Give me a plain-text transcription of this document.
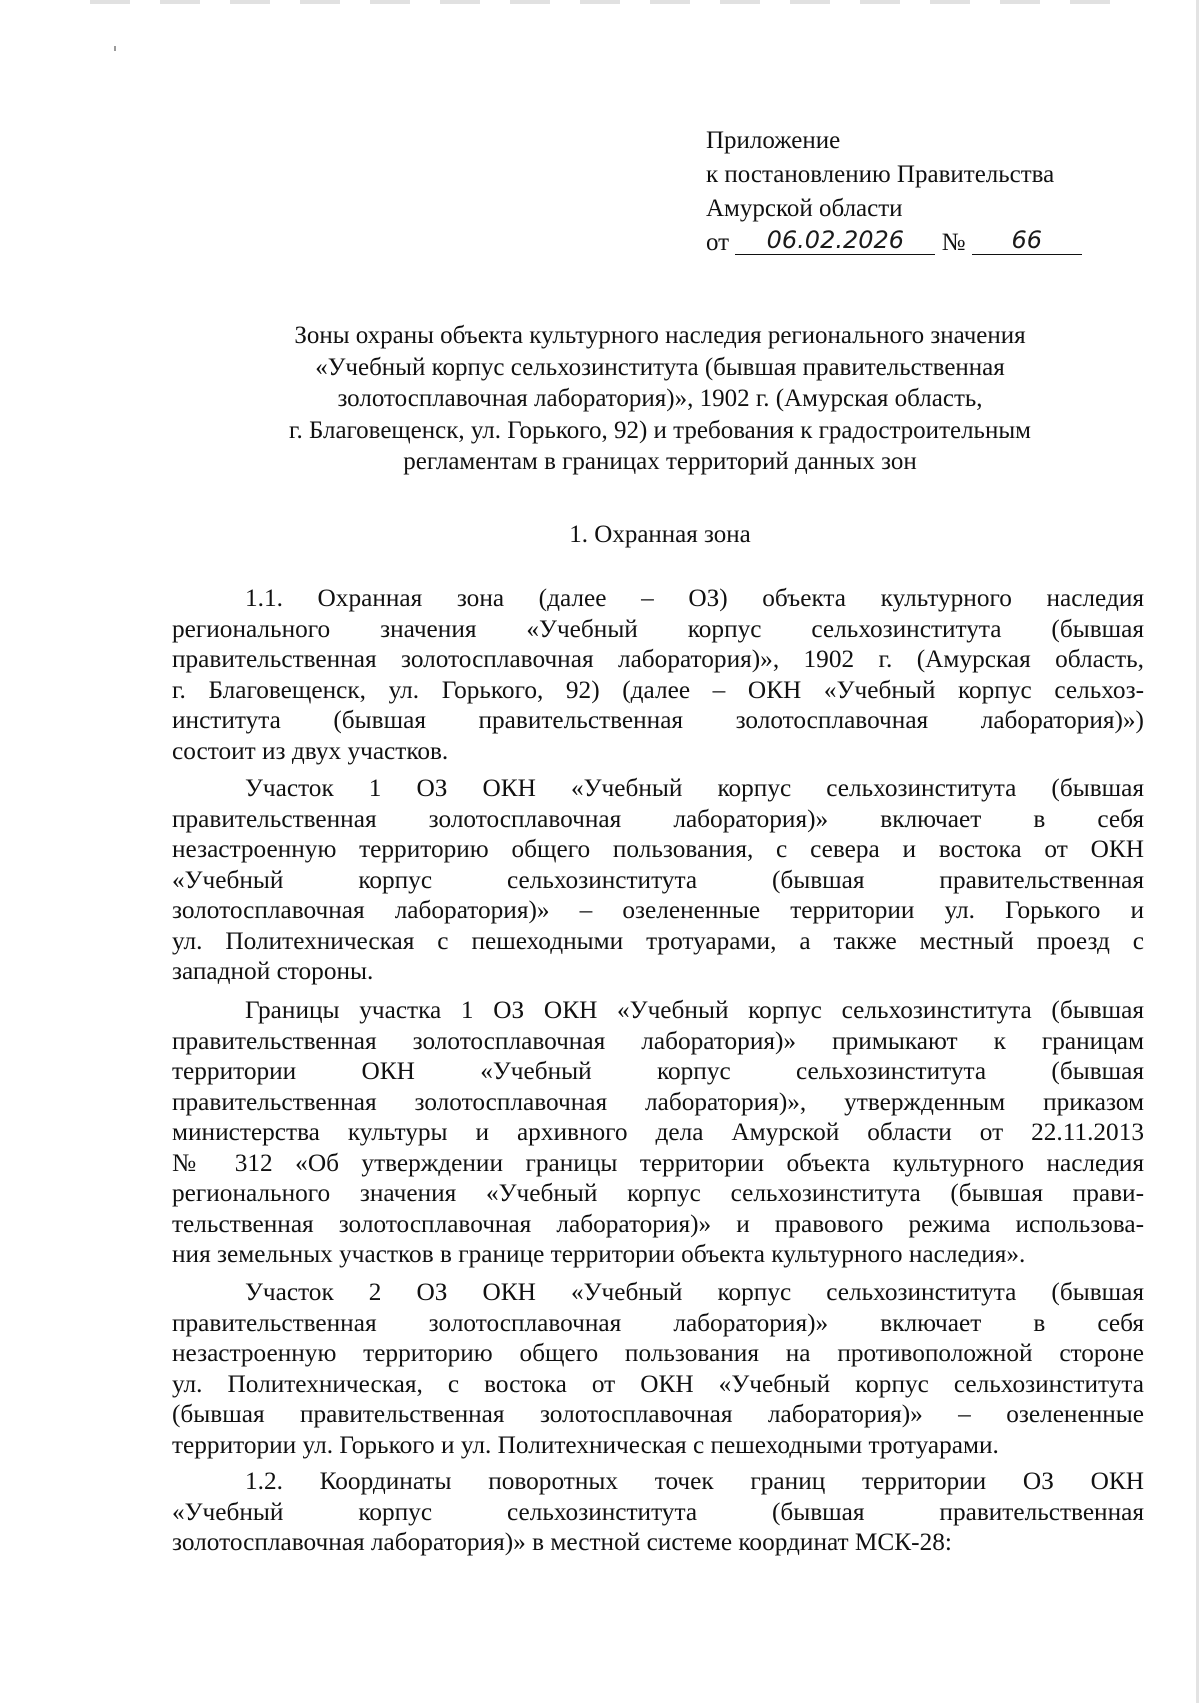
Приложение
к постановлению Правительства
Амурской области
от 06.02.2026 № 66
Зоны охраны объекта культурного наследия регионального значения
«Учебный корпус сельхозинститута (бывшая правительственная
золотосплавочная лаборатория)», 1902 г. (Амурская область,
г. Благовещенск, ул. Горького, 92) и требования к градостроительным
регламентам в границах территорий данных зон
1. Охранная зона
1.1. Охранная зона (далее – ОЗ) объекта культурного наследия
регионального значения «Учебный корпус сельхозинститута (бывшая
правительственная золотосплавочная лаборатория)», 1902 г. (Амурская область,
г. Благовещенск, ул. Горького, 92) (далее – ОКН «Учебный корпус сельхоз-
института (бывшая правительственная золотосплавочная лаборатория)»)
состоит из двух участков.
Участок 1 ОЗ ОКН «Учебный корпус сельхозинститута (бывшая
правительственная золотосплавочная лаборатория)» включает в себя
незастроенную территорию общего пользования, с севера и востока от ОКН
«Учебный корпус сельхозинститута (бывшая правительственная
золотосплавочная лаборатория)» – озелененные территории ул. Горького и
ул. Политехническая с пешеходными тротуарами, а также местный проезд с
западной стороны.
Границы участка 1 ОЗ ОКН «Учебный корпус сельхозинститута (бывшая
правительственная золотосплавочная лаборатория)» примыкают к границам
территории ОКН «Учебный корпус сельхозинститута (бывшая
правительственная золотосплавочная лаборатория)», утвержденным приказом
министерства культуры и архивного дела Амурской области от 22.11.2013
№ 312 «Об утверждении границы территории объекта культурного наследия
регионального значения «Учебный корпус сельхозинститута (бывшая прави-
тельственная золотосплавочная лаборатория)» и правового режима использова-
ния земельных участков в границе территории объекта культурного наследия».
Участок 2 ОЗ ОКН «Учебный корпус сельхозинститута (бывшая
правительственная золотосплавочная лаборатория)» включает в себя
незастроенную территорию общего пользования на противоположной стороне
ул. Политехническая, с востока от ОКН «Учебный корпус сельхозинститута
(бывшая правительственная золотосплавочная лаборатория)» – озелененные
территории ул. Горького и ул. Политехническая с пешеходными тротуарами.
1.2. Координаты поворотных точек границ территории ОЗ ОКН
«Учебный корпус сельхозинститута (бывшая правительственная
золотосплавочная лаборатория)» в местной системе координат МСК-28:
